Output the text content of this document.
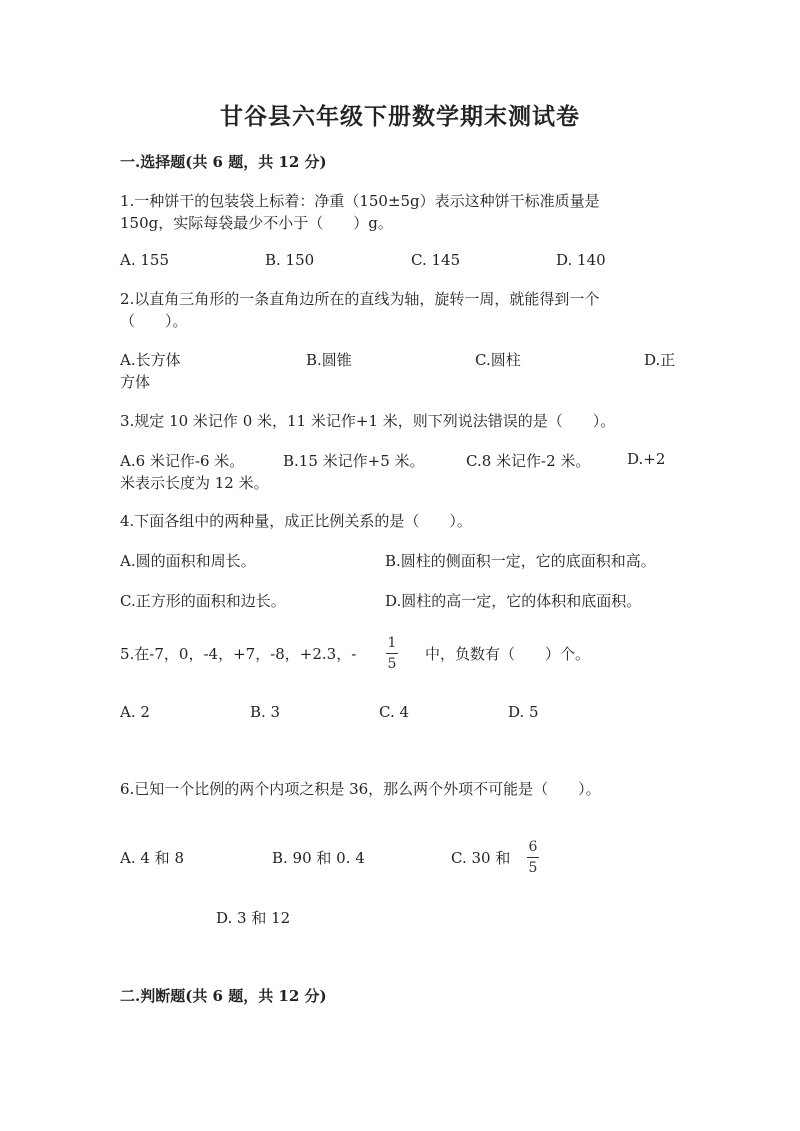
甘谷县六年级下册数学期末测试卷
一.选择题(共 6 题，共 12 分)
1.一种饼干的包装袋上标着：净重（150±5g）表示这种饼干标准质量是
150g，实际每袋最少不小于（　　）g。
A. 155	B. 150	C. 145	D. 140
2.以直角三角形的一条直角边所在的直线为轴，旋转一周，就能得到一个
（　　）。
A.长方体	B.圆锥	C.圆柱	D.正
方体
3.规定 10 米记作 0 米，11 米记作+1 米，则下列说法错误的是（　　）。
A.6 米记作-6 米。	B.15 米记作+5 米。	C.8 米记作-2 米。 D.+2
米表示长度为 12 米。
4.下面各组中的两种量，成正比例关系的是（　　）。
A.圆的面积和周长。	B.圆柱的侧面积一定，它的底面积和高。
C.正方形的面积和边长。	D.圆柱的高一定，它的体积和底面积。
5.在-7，0，-4，+7，-8，+2.3，-
1
5
中，负数有（　　）个。
A. 2	B. 3	C. 4	D. 5
6.已知一个比例的两个内项之积是 36，那么两个外项不可能是（　　）。
A. 4 和 8	B. 90 和 0. 4	C. 30 和
6
5
D. 3 和 12
二.判断题(共 6 题，共 12 分)
